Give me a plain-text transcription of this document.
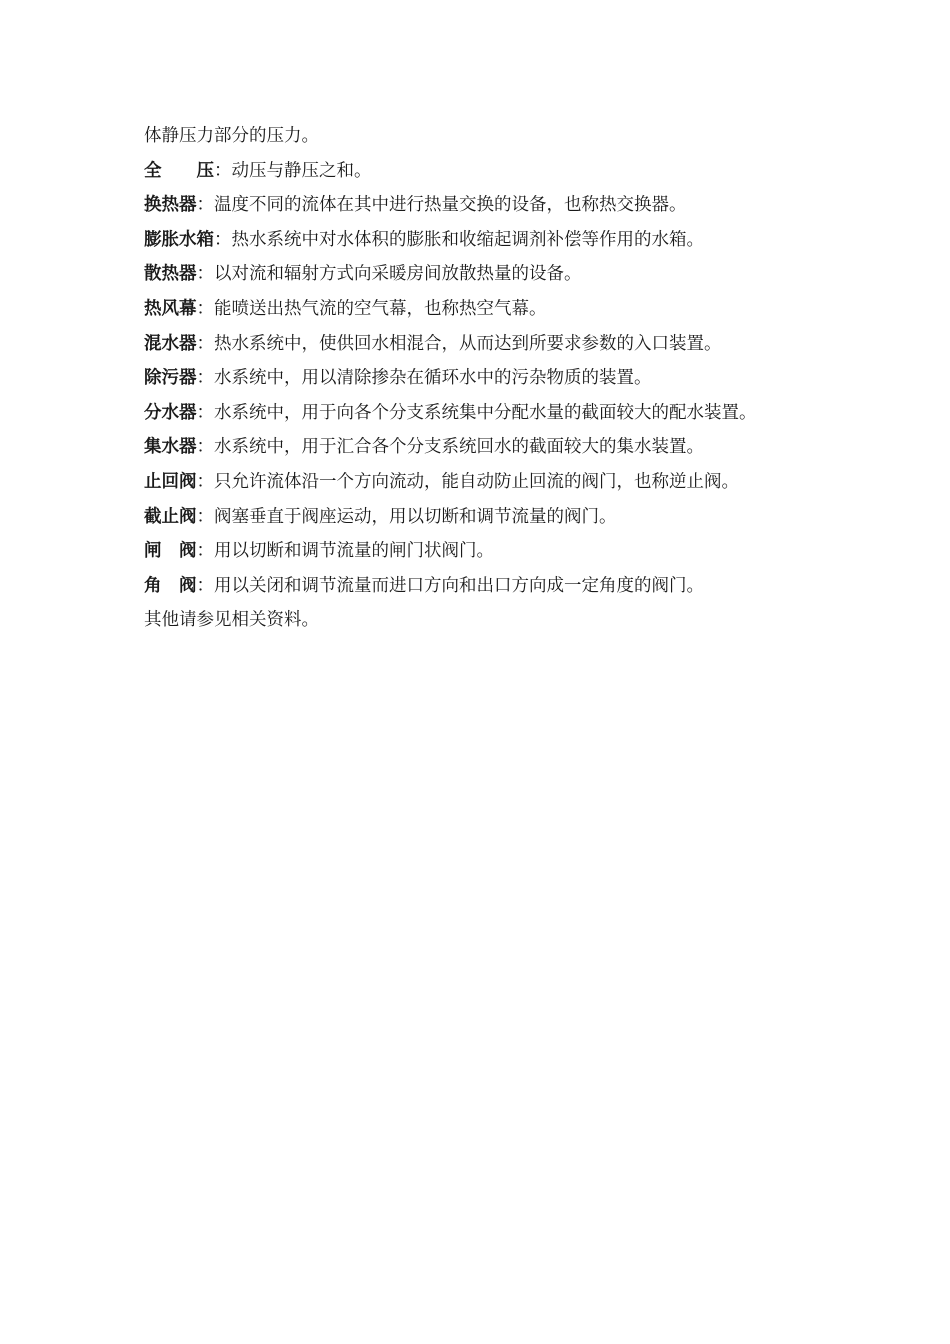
体静压力部分的压力。
全　　压：动压与静压之和。
换热器：温度不同的流体在其中进行热量交换的设备，也称热交换器。
膨胀水箱：热水系统中对水体积的膨胀和收缩起调剂补偿等作用的水箱。
散热器：以对流和辐射方式向采暖房间放散热量的设备。
热风幕：能喷送出热气流的空气幕，也称热空气幕。
混水器：热水系统中，使供回水相混合，从而达到所要求参数的入口装置。
除污器：水系统中，用以清除掺杂在循环水中的污杂物质的装置。
分水器：水系统中，用于向各个分支系统集中分配水量的截面较大的配水装置。
集水器：水系统中，用于汇合各个分支系统回水的截面较大的集水装置。
止回阀：只允许流体沿一个方向流动，能自动防止回流的阀门，也称逆止阀。
截止阀：阀塞垂直于阀座运动，用以切断和调节流量的阀门。
闸　阀：用以切断和调节流量的闸门状阀门。
角　阀：用以关闭和调节流量而进口方向和出口方向成一定角度的阀门。
其他请参见相关资料。
